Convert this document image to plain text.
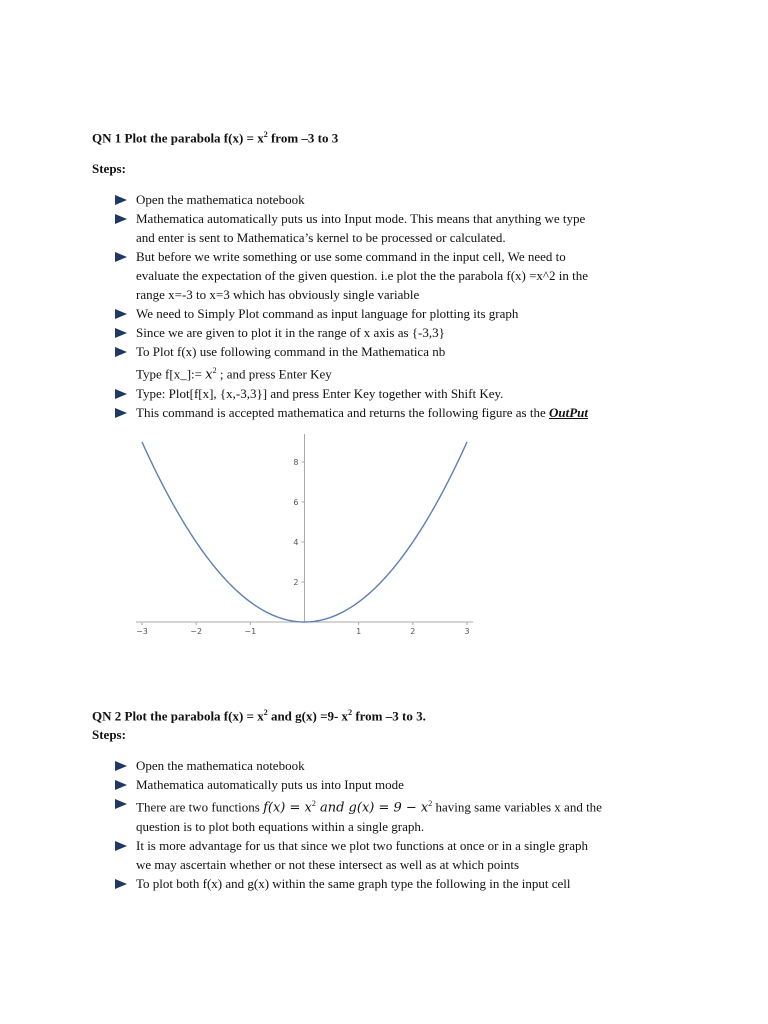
QN 1 Plot the parabola $f(x) = x^2$ from –3 to 3
Steps:
Open the mathematica notebook
Mathematica automatically puts us into Input mode. This means that anything we type
and enter is sent to Mathematica’s kernel to be processed or calculated.
But before we write something or use some command in the input cell, We need to
evaluate the expectation of the given question. i.e plot the the parabola f(x) =x^2 in the
range x=-3 to x=3 which has obviously single variable
We need to Simply Plot command as input language for plotting its graph
Since we are given to plot it in the range of x axis as {-3,3}
To Plot f(x) use following command in the Mathematica nb
Type f[x_]:= $x^2$ ; and press Enter Key
Type: Plot[f[x], {x,-3,3}] and press Enter Key together with Shift Key.
This command is accepted mathematica and returns the following figure as the OutPut
−3	−2	−1	1	2	3
2
4
6
8
QN 2 Plot the parabola $f(x) = x^2$ and g(x) =9- $x^2$ from –3 to 3.
Steps:
Open the mathematica notebook
Mathematica automatically puts us into Input mode
There are two functions $f(x) = x^2$ and $g(x) = 9 - x^2$ having same variables x and the
question is to plot both equations within a single graph.
It is more advantage for us that since we plot two functions at once or in a single graph
we may ascertain whether or not these intersect as well as at which points
To plot both f(x) and g(x) within the same graph type the following in the input cell
